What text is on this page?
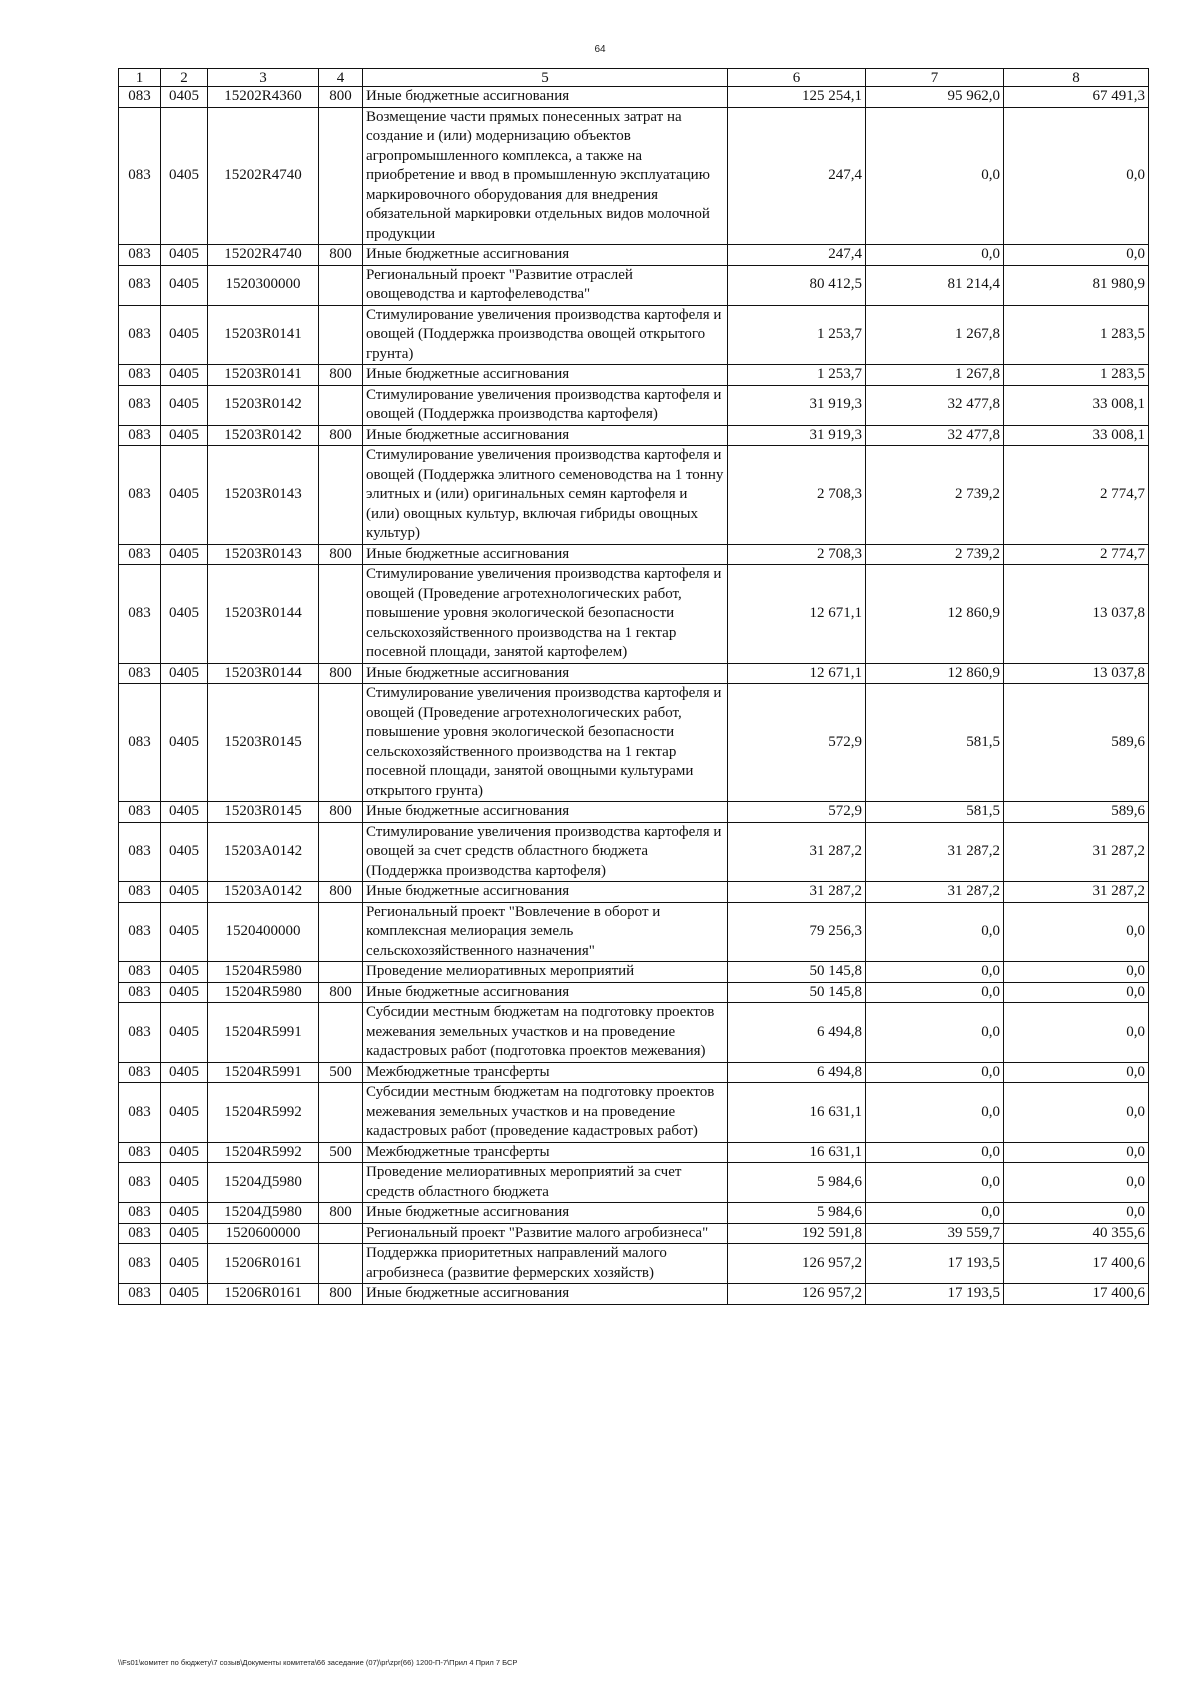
64
1	2	3	4	5	6	7	8
083	0405	15202R4360	800	Иные бюджетные ассигнования	125 254,1	95 962,0	67 491,3
083	0405	15202R4740		Возмещение части прямых понесенных затрат на создание и (или) модернизацию объектов агропромышленного комплекса, а также на приобретение и ввод в промышленную эксплуатацию маркировочного оборудования для внедрения обязательной маркировки отдельных видов молочной продукции	247,4	0,0	0,0
083	0405	15202R4740	800	Иные бюджетные ассигнования	247,4	0,0	0,0
083	0405	1520300000		Региональный проект "Развитие отраслей овощеводства и картофелеводства"	80 412,5	81 214,4	81 980,9
083	0405	15203R0141		Стимулирование увеличения производства картофеля и овощей (Поддержка производства овощей открытого грунта)	1 253,7	1 267,8	1 283,5
083	0405	15203R0141	800	Иные бюджетные ассигнования	1 253,7	1 267,8	1 283,5
083	0405	15203R0142		Стимулирование увеличения производства картофеля и овощей (Поддержка производства картофеля)	31 919,3	32 477,8	33 008,1
083	0405	15203R0142	800	Иные бюджетные ассигнования	31 919,3	32 477,8	33 008,1
083	0405	15203R0143		Стимулирование увеличения производства картофеля и овощей (Поддержка элитного семеноводства на 1 тонну элитных и (или) оригинальных семян картофеля и (или) овощных культур, включая гибриды овощных культур)	2 708,3	2 739,2	2 774,7
083	0405	15203R0143	800	Иные бюджетные ассигнования	2 708,3	2 739,2	2 774,7
083	0405	15203R0144		Стимулирование увеличения производства картофеля и овощей (Проведение агротехнологических работ, повышение уровня экологической безопасности сельскохозяйственного производства на 1 гектар посевной площади, занятой картофелем)	12 671,1	12 860,9	13 037,8
083	0405	15203R0144	800	Иные бюджетные ассигнования	12 671,1	12 860,9	13 037,8
083	0405	15203R0145		Стимулирование увеличения производства картофеля и овощей (Проведение агротехнологических работ, повышение уровня экологической безопасности сельскохозяйственного производства на 1 гектар посевной площади, занятой овощными культурами открытого грунта)	572,9	581,5	589,6
083	0405	15203R0145	800	Иные бюджетные ассигнования	572,9	581,5	589,6
083	0405	15203A0142		Стимулирование увеличения производства картофеля и овощей за счет средств областного бюджета (Поддержка производства картофеля)	31 287,2	31 287,2	31 287,2
083	0405	15203A0142	800	Иные бюджетные ассигнования	31 287,2	31 287,2	31 287,2
083	0405	1520400000		Региональный проект "Вовлечение в оборот и комплексная мелиорация земель сельскохозяйственного назначения"	79 256,3	0,0	0,0
083	0405	15204R5980		Проведение мелиоративных мероприятий	50 145,8	0,0	0,0
083	0405	15204R5980	800	Иные бюджетные ассигнования	50 145,8	0,0	0,0
083	0405	15204R5991		Субсидии местным бюджетам на подготовку проектов межевания земельных участков и на проведение кадастровых работ (подготовка проектов межевания)	6 494,8	0,0	0,0
083	0405	15204R5991	500	Межбюджетные трансферты	6 494,8	0,0	0,0
083	0405	15204R5992		Субсидии местным бюджетам на подготовку проектов межевания земельных участков и на проведение кадастровых работ (проведение кадастровых работ)	16 631,1	0,0	0,0
083	0405	15204R5992	500	Межбюджетные трансферты	16 631,1	0,0	0,0
083	0405	15204Д5980		Проведение мелиоративных мероприятий за счет средств областного бюджета	5 984,6	0,0	0,0
083	0405	15204Д5980	800	Иные бюджетные ассигнования	5 984,6	0,0	0,0
083	0405	1520600000		Региональный проект "Развитие малого агробизнеса"	192 591,8	39 559,7	40 355,6
083	0405	15206R0161		Поддержка приоритетных направлений малого агробизнеса (развитие фермерских хозяйств)	126 957,2	17 193,5	17 400,6
083	0405	15206R0161	800	Иные бюджетные ассигнования	126 957,2	17 193,5	17 400,6
\\Fs01\комитет по бюджету\7 созыв\Документы комитета\66 заседание (07)\pr\zpr(66) 1200-П-7\Прил 4 Прил 7 БСР
